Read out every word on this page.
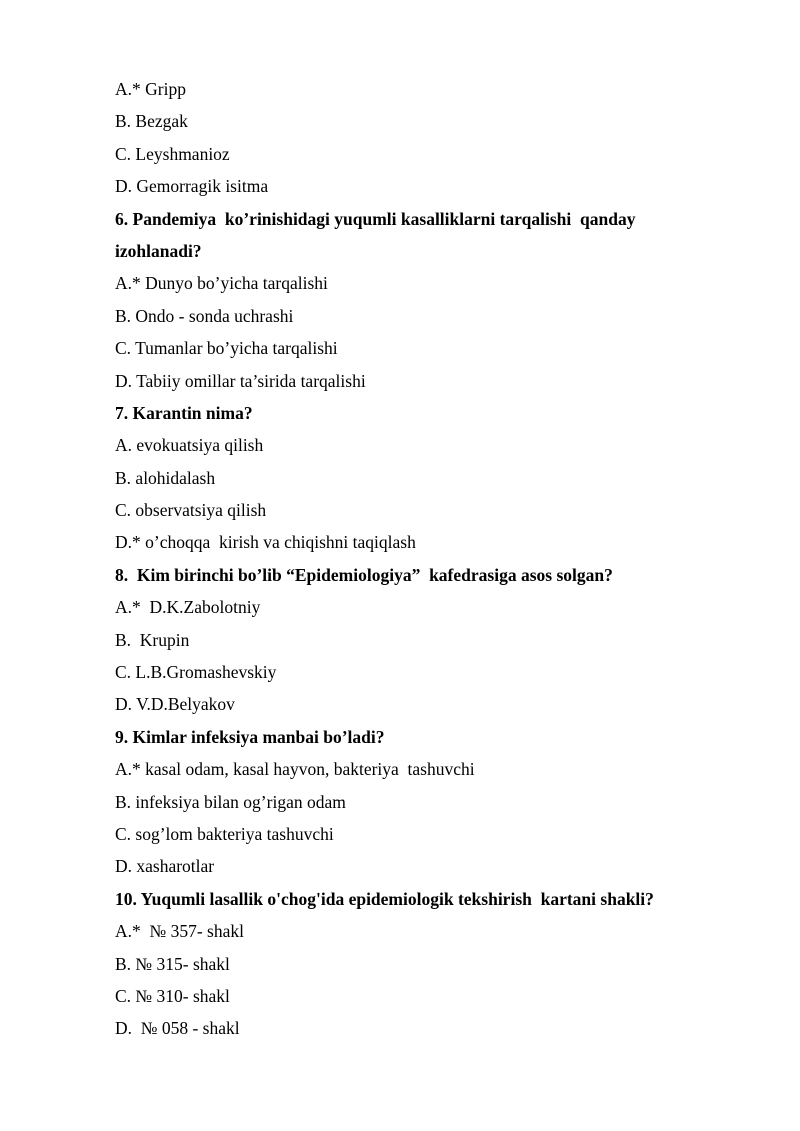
A.* Gripp

B. Bezgak

C. Leyshmanioz

D. Gemorragik isitma

6. Pandemiya  ko’rinishidagi yuqumli kasalliklarni tarqalishi  qanday

izohlanadi?

A.* Dunyo bo’yicha tarqalishi

B. Ondo - sonda uchrashi

C. Tumanlar bo’yicha tarqalishi

D. Tabiiy omillar ta’sirida tarqalishi

7. Karantin nima?

A. evokuatsiya qilish

B. alohidalash

C. observatsiya qilish

D.* o’choqqa  kirish va chiqishni taqiqlash

8.  Kim birinchi bo’lib “Epidemiologiya”  kafedrasiga asos solgan?

A.*  D.K.Zabolotniy

B.  Krupin

C. L.B.Gromashevskiy

D. V.D.Belyakov

9. Kimlar infeksiya manbai bo’ladi?

A.* kasal odam, kasal hayvon, bakteriya  tashuvchi

B. infeksiya bilan og’rigan odam

C. sog’lom bakteriya tashuvchi

D. xasharotlar

10. Yuqumli lasallik o'chog'ida epidemiologik tekshirish  kartani shakli?

A.*  № 357- shakl

B. № 315- shakl

C. № 310- shakl

D.  № 058 - shakl
